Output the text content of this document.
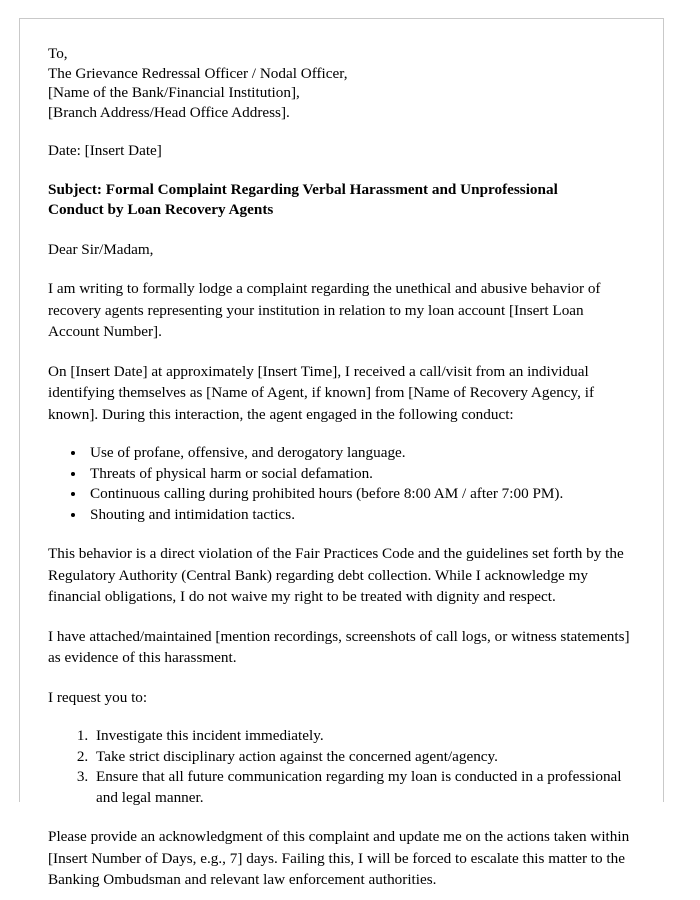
To,
The Grievance Redressal Officer / Nodal Officer,
[Name of the Bank/Financial Institution],
[Branch Address/Head Office Address].

Date: [Insert Date]

Subject: Formal Complaint Regarding Verbal Harassment and Unprofessional
Conduct by Loan Recovery Agents

Dear Sir/Madam,

I am writing to formally lodge a complaint regarding the unethical and abusive behavior of recovery agents representing your institution in relation to my loan account [Insert Loan Account Number].

On [Insert Date] at approximately [Insert Time], I received a call/visit from an individual identifying themselves as [Name of Agent, if known] from [Name of Recovery Agency, if known]. During this interaction, the agent engaged in the following conduct:

• Use of profane, offensive, and derogatory language.
• Threats of physical harm or social defamation.
• Continuous calling during prohibited hours (before 8:00 AM / after 7:00 PM).
• Shouting and intimidation tactics.

This behavior is a direct violation of the Fair Practices Code and the guidelines set forth by the Regulatory Authority (Central Bank) regarding debt collection. While I acknowledge my financial obligations, I do not waive my right to be treated with dignity and respect.

I have attached/maintained [mention recordings, screenshots of call logs, or witness statements] as evidence of this harassment.

I request you to:

1. Investigate this incident immediately.
2. Take strict disciplinary action against the concerned agent/agency.
3. Ensure that all future communication regarding my loan is conducted in a professional and legal manner.

Please provide an acknowledgment of this complaint and update me on the actions taken within [Insert Number of Days, e.g., 7] days. Failing this, I will be forced to escalate this matter to the Banking Ombudsman and relevant law enforcement authorities.
